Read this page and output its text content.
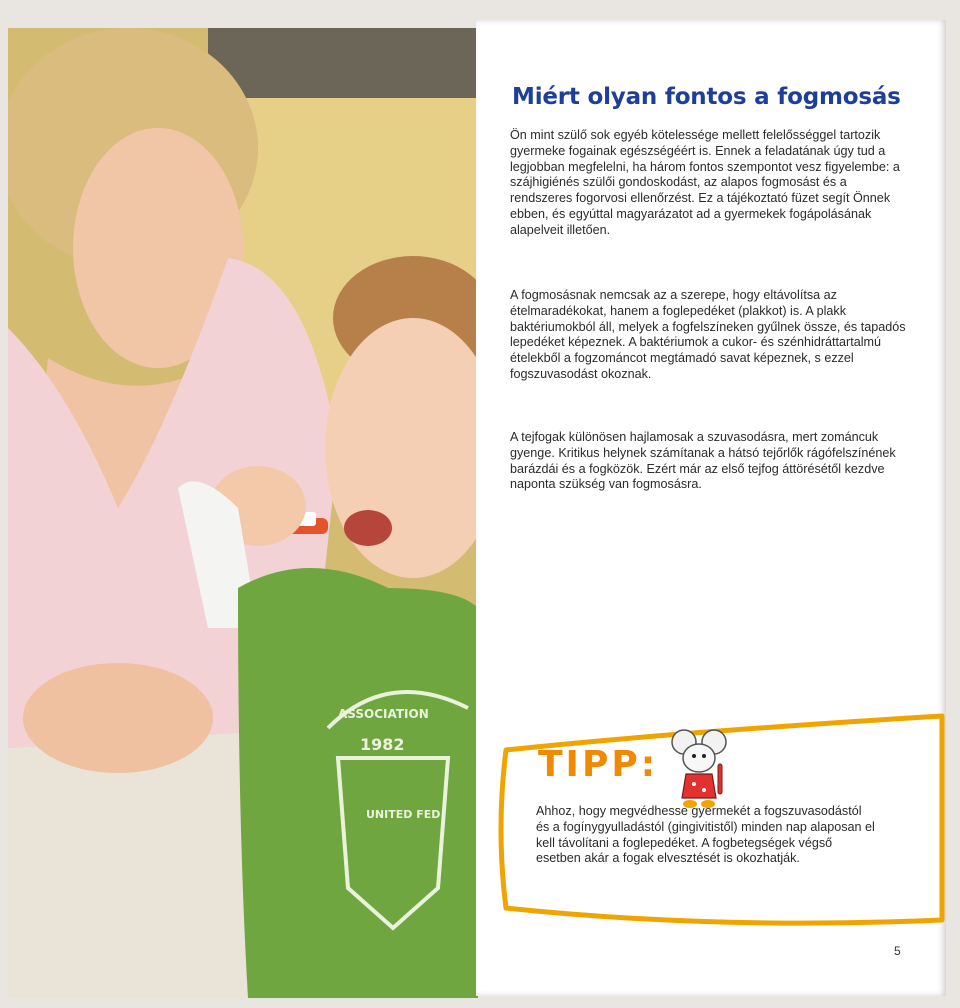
1982
UNITED FED
ASSOCIATION
Miért olyan fontos a fogmosás

Ön mint szülő sok egyéb kötelessége mellett felelősséggel tartozik gyermeke fogainak egészségéért is. Ennek a feladatának úgy tud a legjobban megfelelni, ha három fontos szempontot vesz figyelembe: a szájhigiénés szülői gondoskodást, az alapos fogmosást és a rendszeres fogorvosi ellenőrzést. Ez a tájékoztató füzet segít Önnek ebben, és egyúttal magyarázatot ad a gyermekek fogápolásának alapelveit illetően.

A fogmosásnak nemcsak az a szerepe, hogy eltávolítsa az ételmaradékokat, hanem a foglepedéket (plakkot) is. A plakk baktériumokból áll, melyek a fogfelszíneken gyűlnek össze, és tapadós lepedéket képeznek. A baktériumok a cukor- és szénhidráttartalmú ételekből a fogzománcot megtámadó savat képeznek, s ezzel fogszuvasodást okoznak.

A tejfogak különösen hajlamosak a szuvasodásra, mert zománcuk gyenge. Kritikus helynek számítanak a hátsó tejőrlők rágófelszínének barázdái és a fogközök. Ezért már az első tejfog áttörésétől kezdve naponta szükség van fogmosásra.

TIPP:

Ahhoz, hogy megvédhesse gyermekét a fogszuvasodástól és a fogínygyulladástól (gingivitistől) minden nap alaposan el kell távolítani a foglepedéket. A fogbetegségek végső esetben akár a fogak elvesztését is okozhatják.

5
